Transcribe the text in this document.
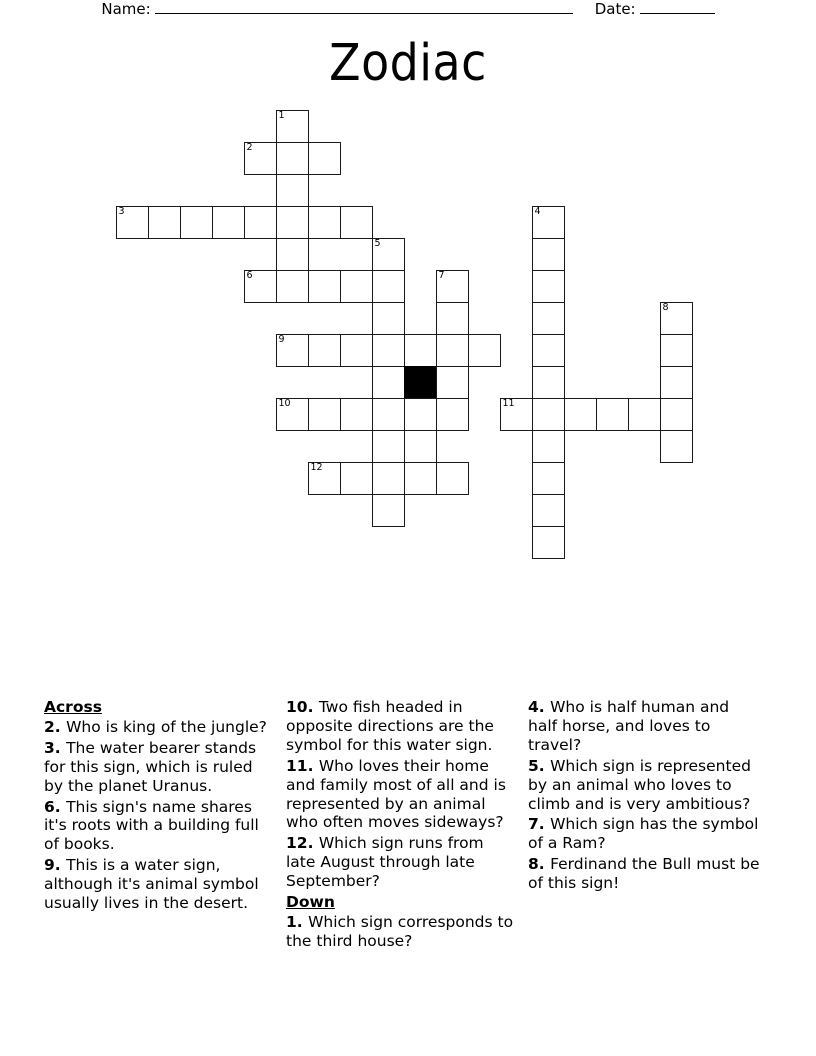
Name:	Date:
Zodiac
1
2
3	4
5
6	7
8
9
10	11
12
Across
2. Who is king of the jungle?
3. The water bearer stands for this sign, which is ruled by the planet Uranus.
6. This sign's name shares it's roots with a building full of books.
9. This is a water sign, although it's animal symbol usually lives in the desert.
10. Two fish headed in opposite directions are the symbol for this water sign.
11. Who loves their home and family most of all and is represented by an animal who often moves sideways?
12. Which sign runs from late August through late September?
Down
1. Which sign corresponds to the third house?
4. Who is half human and half horse, and loves to travel?
5. Which sign is represented by an animal who loves to climb and is very ambitious?
7. Which sign has the symbol of a Ram?
8. Ferdinand the Bull must be of this sign!
